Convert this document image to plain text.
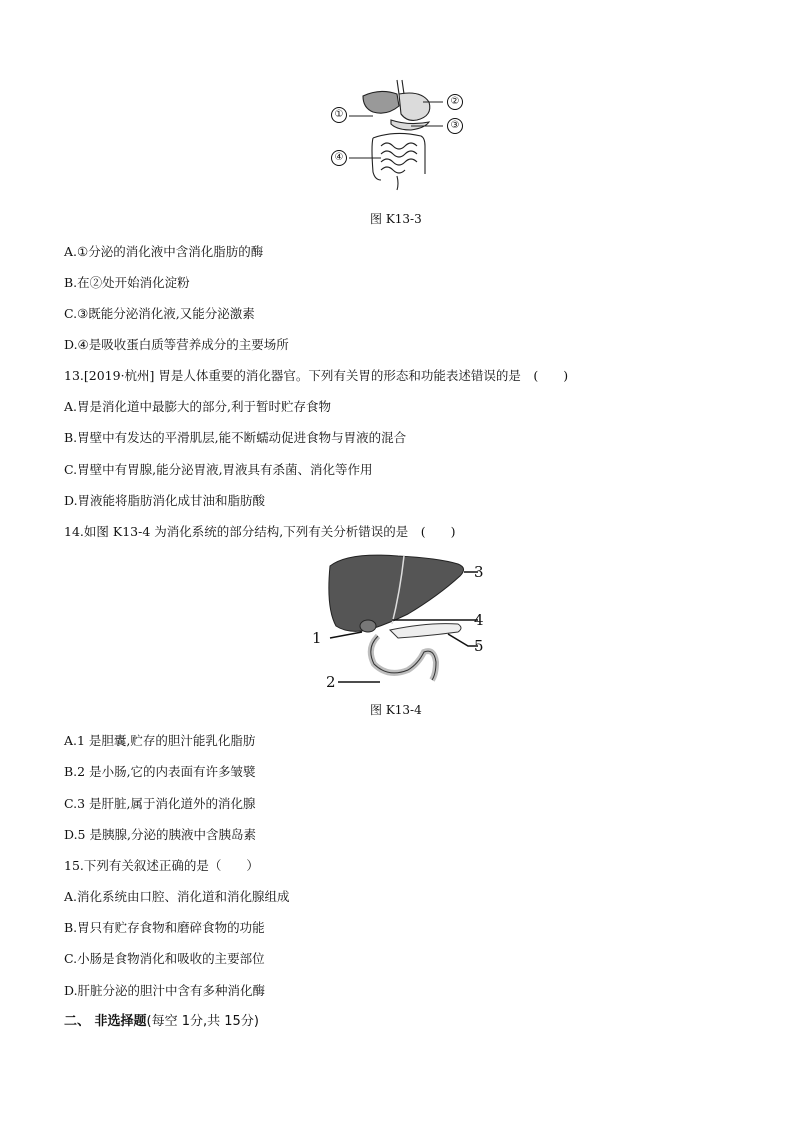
①
②
③
④
图 K13-3
A.①分泌的消化液中含消化脂肪的酶
B.在②处开始消化淀粉
C.③既能分泌消化液,又能分泌激素
D.④是吸收蛋白质等营养成分的主要场所
13.[2019·杭州] 胃是人体重要的消化器官。下列有关胃的形态和功能表述错误的是　(　　)
A.胃是消化道中最膨大的部分,利于暂时贮存食物
B.胃壁中有发达的平滑肌层,能不断蠕动促进食物与胃液的混合
C.胃壁中有胃腺,能分泌胃液,胃液具有杀菌、消化等作用
D.胃液能将脂肪消化成甘油和脂肪酸
14.如图 K13-4 为消化系统的部分结构,下列有关分析错误的是　(　　)
1
2
3
4
5
图 K13-4
A.1 是胆囊,贮存的胆汁能乳化脂肪
B.2 是小肠,它的内表面有许多皱襞
C.3 是肝脏,属于消化道外的消化腺
D.5 是胰腺,分泌的胰液中含胰岛素
15.下列有关叙述正确的是（　　）
A.消化系统由口腔、消化道和消化腺组成
B.胃只有贮存食物和磨碎食物的功能
C.小肠是食物消化和吸收的主要部位
D.肝脏分泌的胆汁中含有多种消化酶
二、 非选择题(每空 1分,共 15分)
